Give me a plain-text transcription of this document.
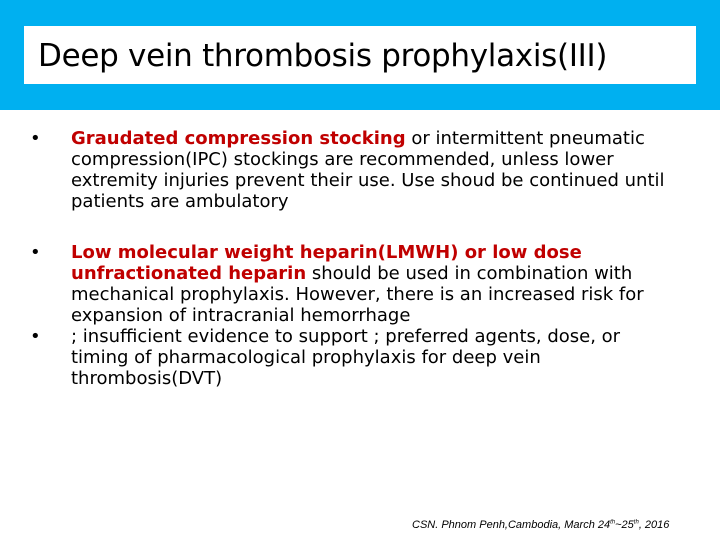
Deep vein thrombosis prophylaxis(III)
•	Graudated compression stocking or intermittent pneumatic compression(IPC) stockings are recommended, unless lower extremity injuries prevent their use. Use shoud be continued until patients are ambulatory
•	Low molecular weight heparin(LMWH) or low dose unfractionated heparin should be used in combination with mechanical prophylaxis. However, there is an increased risk for expansion of intracranial hemorrhage
•	; insufficient evidence to support ; preferred agents, dose, or timing of pharmacological prophylaxis for deep vein thrombosis(DVT)
CSN. Phnom Penh,Cambodia, March 24th~25th, 2016
